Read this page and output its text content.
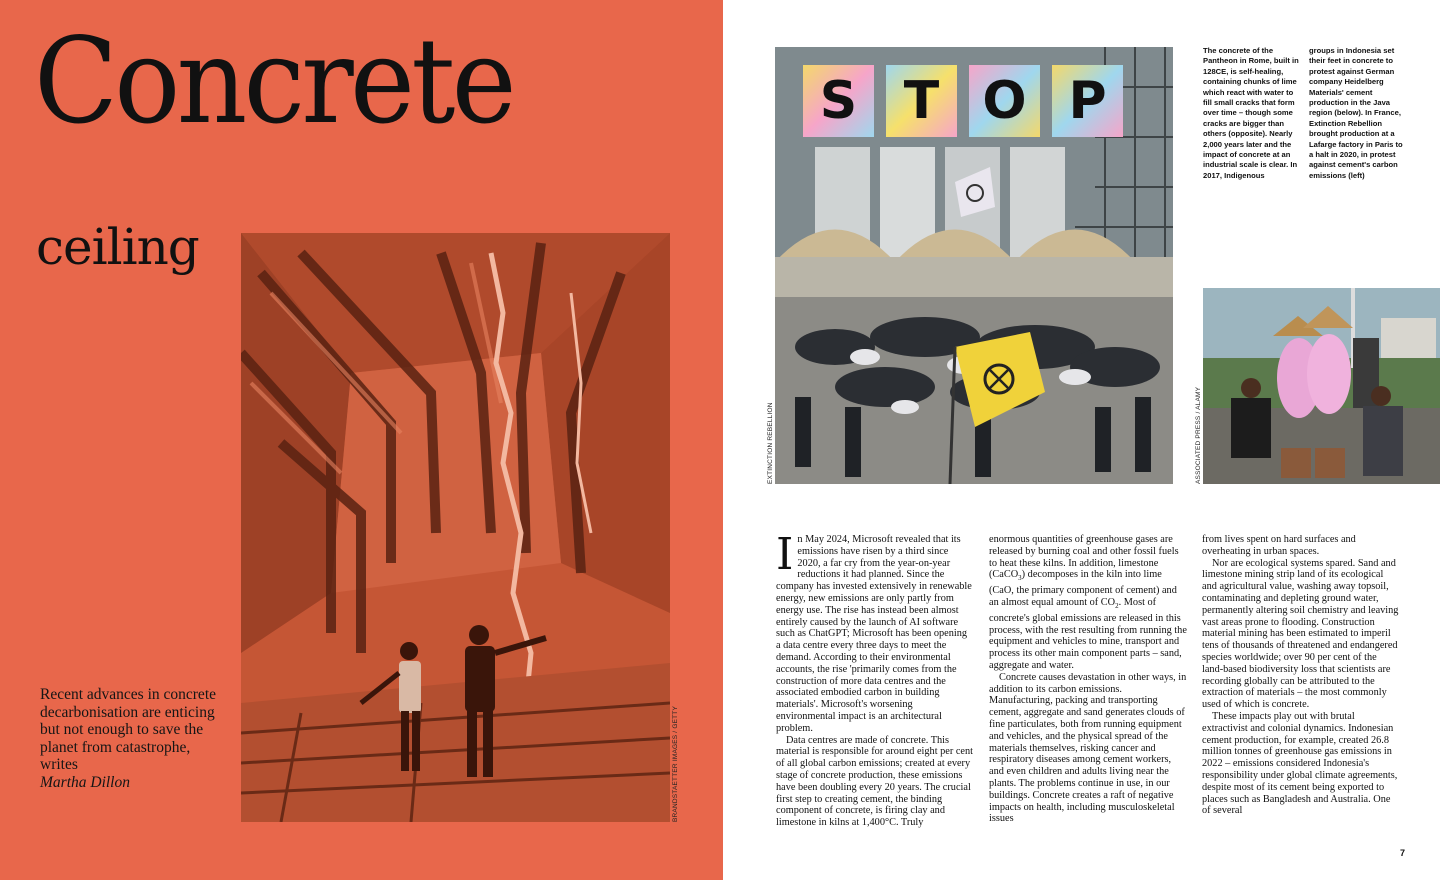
Concrete
ceiling
BRANDSTAETTER IMAGES / GETTY
Recent advances in concrete decarbonisation are enticing but not enough to save the planet from catastrophe, writes
Martha Dillon
S T O P
EXTINCTION REBELLION
The concrete of the Pantheon in Rome, built in 128CE, is self-healing, containing chunks of lime which react with water to fill small cracks that form over time – though some cracks are bigger than others (opposite). Nearly 2,000 years later and the impact of concrete at an industrial scale is clear. In 2017, Indigenous
groups in Indonesia set their feet in concrete to protest against German company Heidelberg Materials' cement production in the Java region (below). In France, Extinction Rebellion brought production at a Lafarge factory in Paris to a halt in 2020, in protest against cement's carbon emissions (left)
ASSOCIATED PRESS / ALAMY

In May 2024, Microsoft revealed that its emissions have risen by a third since 2020, a far cry from the year-on-year reductions it had planned. Since the company has invested extensively in renewable energy, new emissions are only partly from energy use. The rise has instead been almost entirely caused by the launch of AI software such as ChatGPT; Microsoft has been opening a data centre every three days to meet the demand. According to their environmental accounts, the rise 'primarily comes from the construction of more data centres and the associated embodied carbon in building materials'. Microsoft's worsening environmental impact is an architectural problem.

Data centres are made of concrete. This material is responsible for around eight per cent of all global carbon emissions; created at every stage of concrete production, these emissions have been doubling every 20 years. The crucial first step to creating cement, the binding component of concrete, is firing clay and limestone in kilns at 1,400°C. Truly

enormous quantities of greenhouse gases are released by burning coal and other fossil fuels to heat these kilns. In addition, limestone (CaCO$_3$) decomposes in the kiln into lime (CaO, the primary component of cement) and an almost equal amount of $CO_2$. Most of concrete's global emissions are released in this process, with the rest resulting from running the equipment and vehicles to mine, transport and process its other main component parts – sand, aggregate and water.

Concrete causes devastation in other ways, in addition to its carbon emissions. Manufacturing, packing and transporting cement, aggregate and sand generates clouds of fine particulates, both from running equipment and vehicles, and the physical spread of the materials themselves, risking cancer and respiratory diseases among cement workers, and even children and adults living near the plants. The problems continue in use, in our buildings. Concrete creates a raft of negative impacts on health, including musculoskeletal issues

from lives spent on hard surfaces and overheating in urban spaces.

Nor are ecological systems spared. Sand and limestone mining strip land of its ecological and agricultural value, washing away topsoil, contaminating and depleting ground water, permanently altering soil chemistry and leaving vast areas prone to flooding. Construction material mining has been estimated to imperil tens of thousands of threatened and endangered species worldwide; over 90 per cent of the land-based biodiversity loss that scientists are recording globally can be attributed to the extraction of materials – the most commonly used of which is concrete.

These impacts play out with brutal extractivist and colonial dynamics. Indonesian cement production, for example, created 26.8 million tonnes of greenhouse gas emissions in 2022 – emissions considered Indonesia's responsibility under global climate agreements, despite most of its cement being exported to places such as Bangladesh and Australia. One of several

7
